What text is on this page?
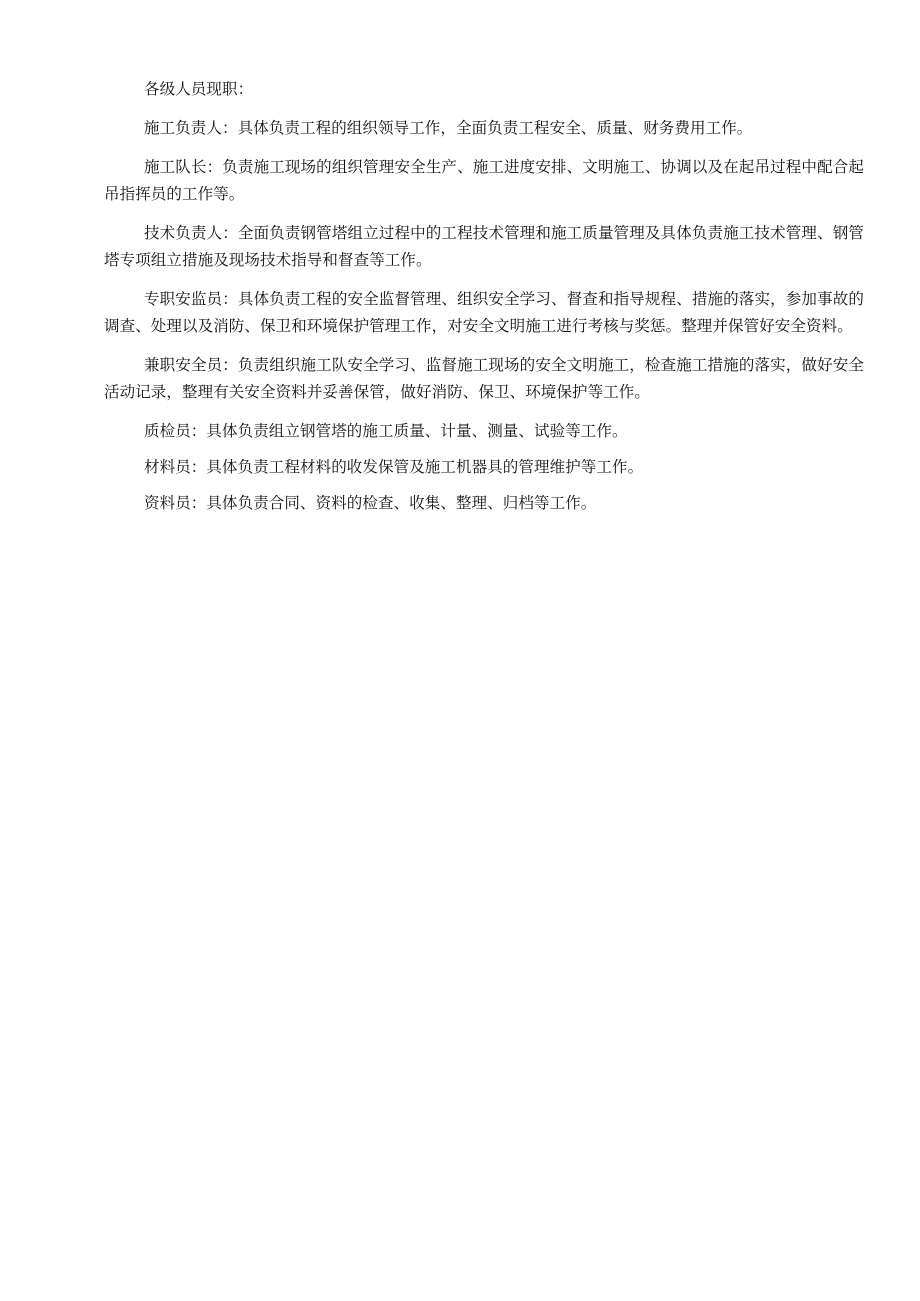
各级人员现职：

施工负责人：具体负责工程的组织领导工作，全面负责工程安全、质量、财务费用工作。

施工队长：负责施工现场的组织管理安全生产、施工进度安排、文明施工、协调以及在起吊过程中配合起吊指挥员的工作等。

技术负责人：全面负责钢管塔组立过程中的工程技术管理和施工质量管理及具体负责施工技术管理、钢管塔专项组立措施及现场技术指导和督查等工作。

专职安监员：具体负责工程的安全监督管理、组织安全学习、督查和指导规程、措施的落实，参加事故的调查、处理以及消防、保卫和环境保护管理工作，对安全文明施工进行考核与奖惩。整理并保管好安全资料。

兼职安全员：负责组织施工队安全学习、监督施工现场的安全文明施工，检查施工措施的落实，做好安全活动记录，整理有关安全资料并妥善保管，做好消防、保卫、环境保护等工作。

质检员：具体负责组立钢管塔的施工质量、计量、测量、试验等工作。

材料员：具体负责工程材料的收发保管及施工机器具的管理维护等工作。

资料员：具体负责合同、资料的检查、收集、整理、归档等工作。
